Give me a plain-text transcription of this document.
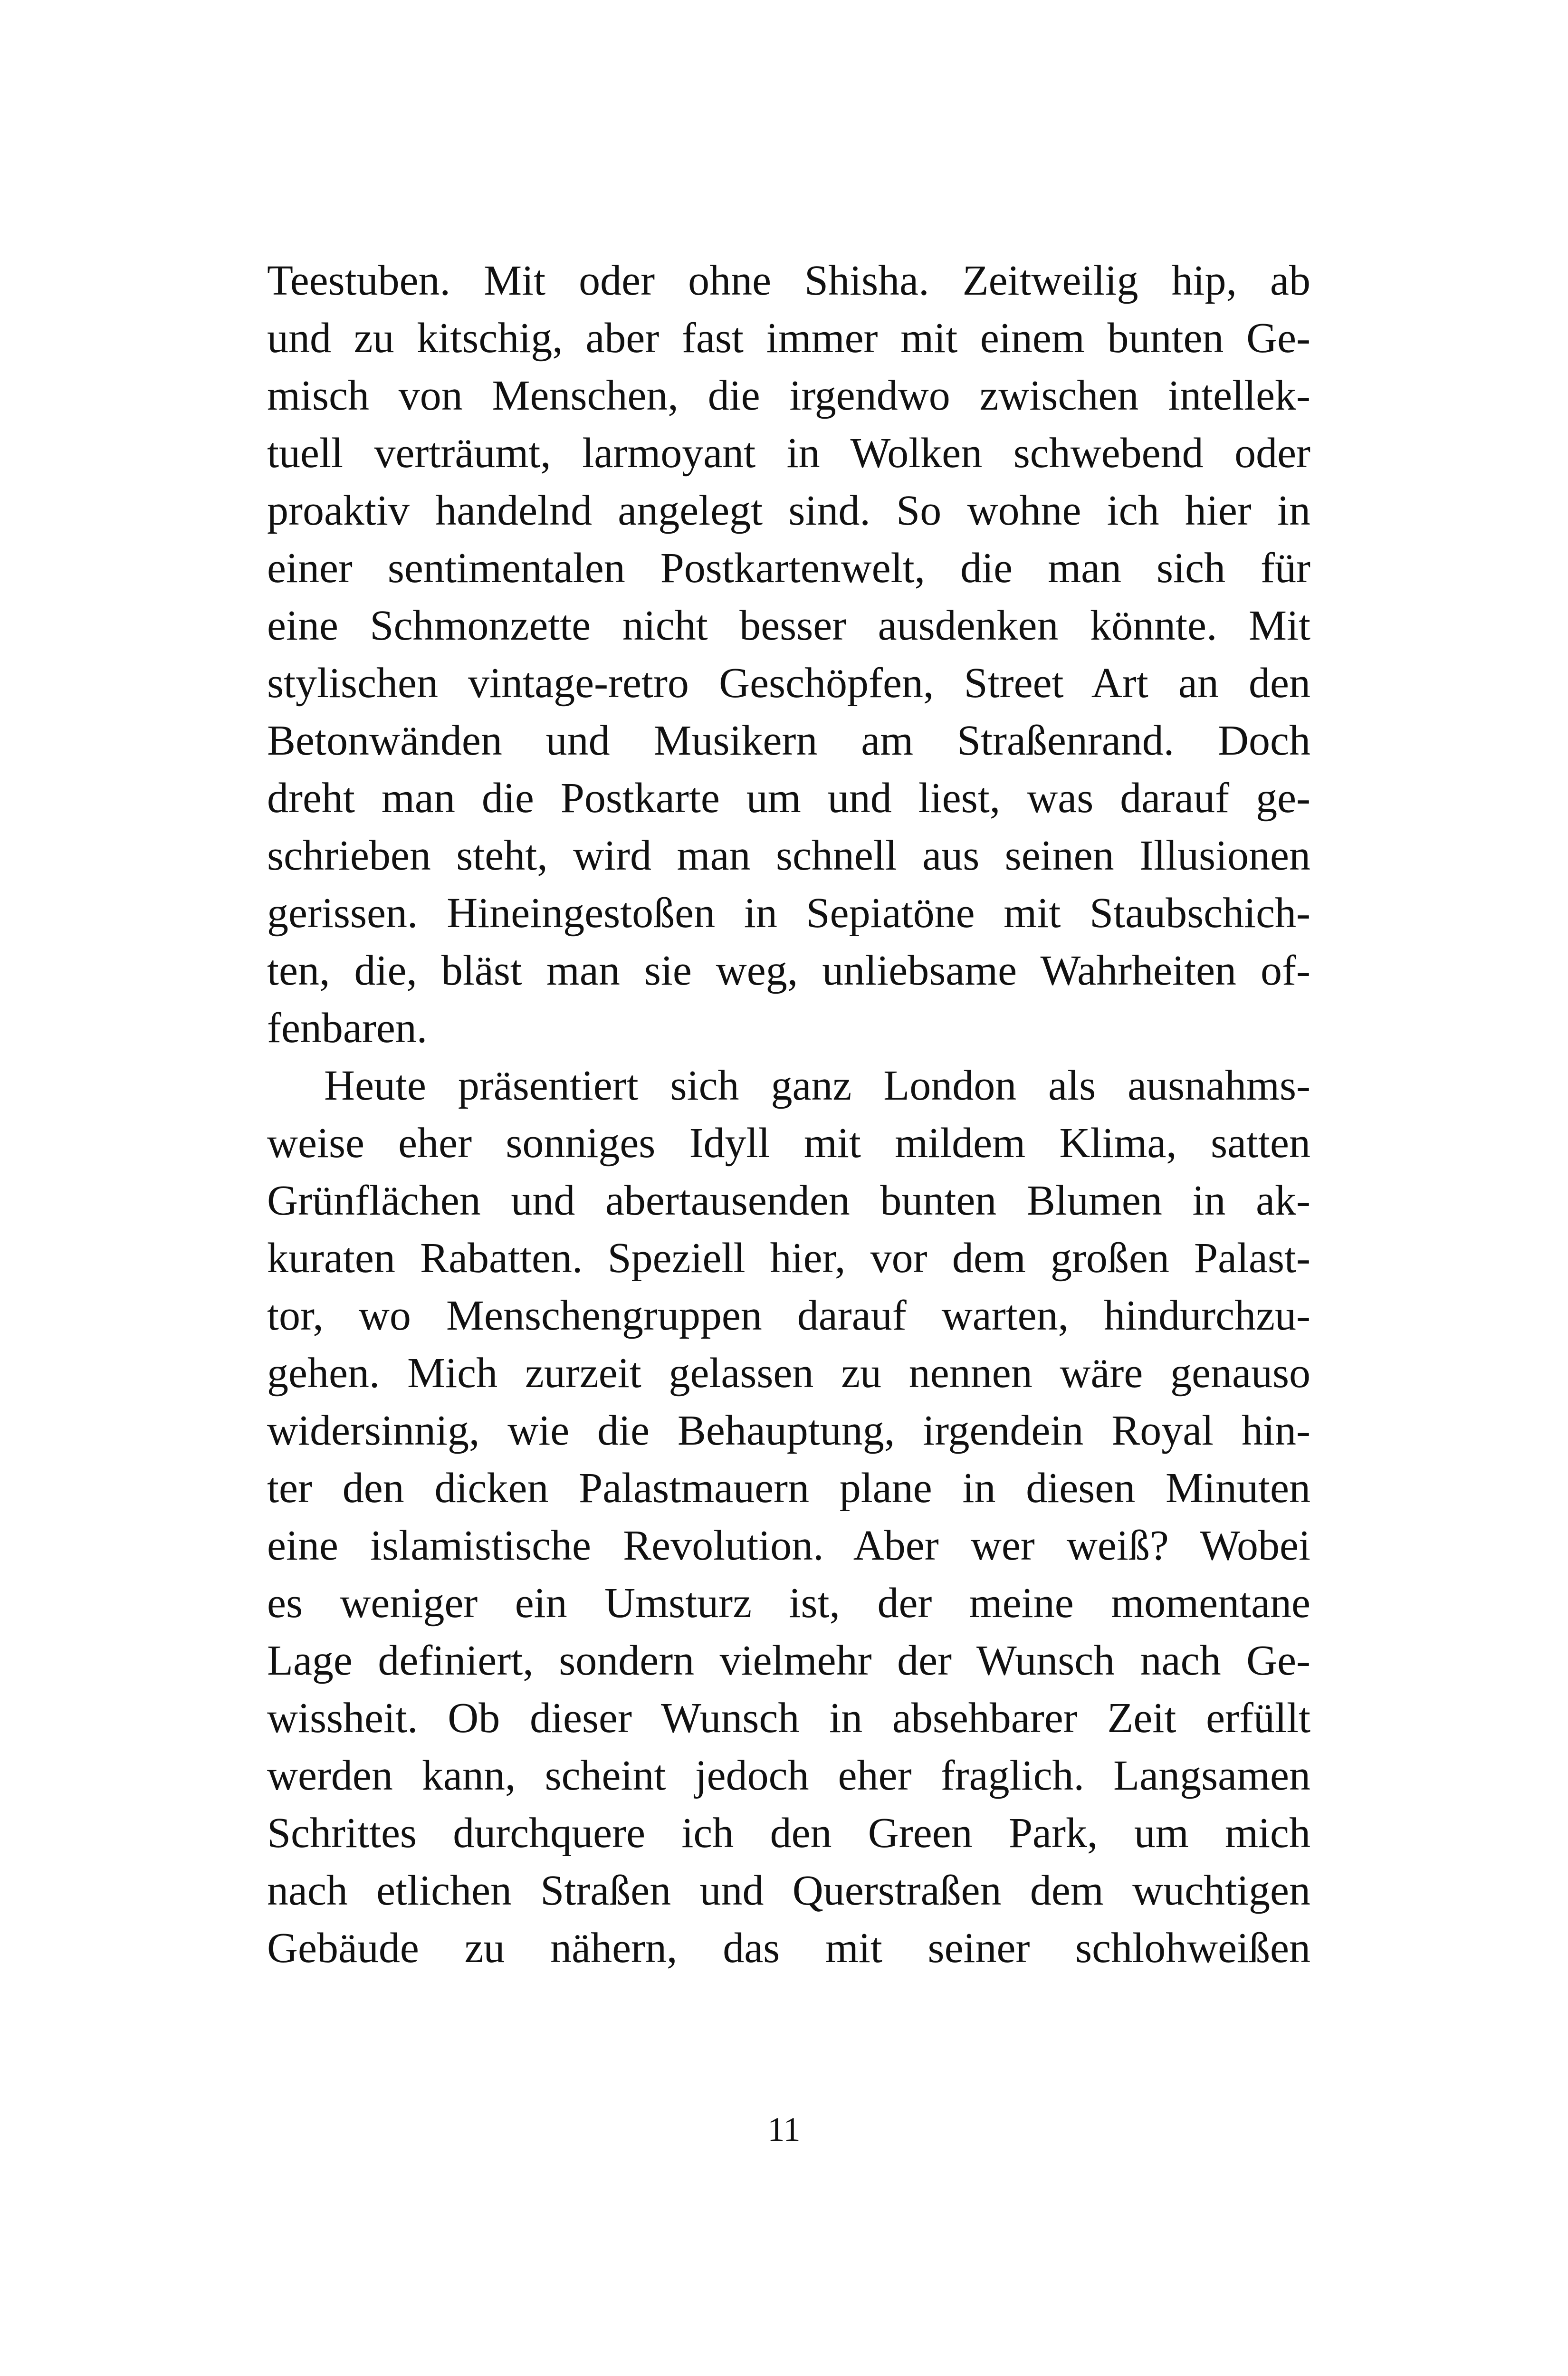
Teestuben. Mit oder ohne Shisha. Zeitweilig hip, ab
und zu kitschig, aber fast immer mit einem bunten Ge-
misch von Menschen, die irgendwo zwischen intellek-
tuell verträumt, larmoyant in Wolken schwebend oder
proaktiv handelnd angelegt sind. So wohne ich hier in
einer sentimentalen Postkartenwelt, die man sich für
eine Schmonzette nicht besser ausdenken könnte. Mit
stylischen vintage-retro Geschöpfen, Street Art an den
Betonwänden und Musikern am Straßenrand. Doch
dreht man die Postkarte um und liest, was darauf ge-
schrieben steht, wird man schnell aus seinen Illusionen
gerissen. Hineingestoßen in Sepiatöne mit Staubschich-
ten, die, bläst man sie weg, unliebsame Wahrheiten of-
fenbaren.
Heute präsentiert sich ganz London als ausnahms-
weise eher sonniges Idyll mit mildem Klima, satten
Grünflächen und abertausenden bunten Blumen in ak-
kuraten Rabatten. Speziell hier, vor dem großen Palast-
tor, wo Menschengruppen darauf warten, hindurchzu-
gehen. Mich zurzeit gelassen zu nennen wäre genauso
widersinnig, wie die Behauptung, irgendein Royal hin-
ter den dicken Palastmauern plane in diesen Minuten
eine islamistische Revolution. Aber wer weiß? Wobei
es weniger ein Umsturz ist, der meine momentane
Lage definiert, sondern vielmehr der Wunsch nach Ge-
wissheit. Ob dieser Wunsch in absehbarer Zeit erfüllt
werden kann, scheint jedoch eher fraglich. Langsamen
Schrittes durchquere ich den Green Park, um mich
nach etlichen Straßen und Querstraßen dem wuchtigen
Gebäude zu nähern, das mit seiner schlohweißen
11
